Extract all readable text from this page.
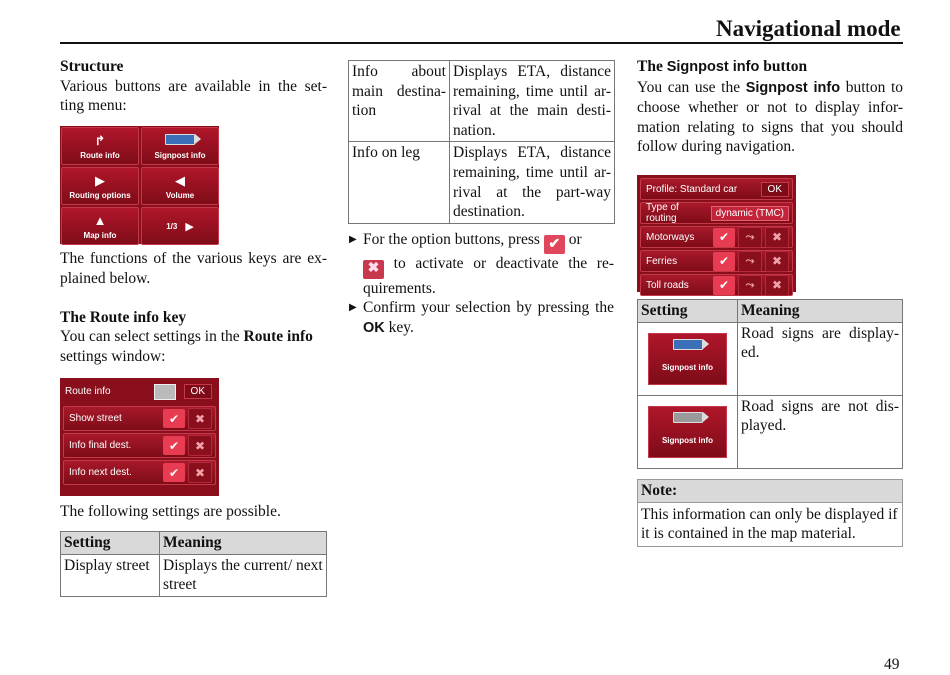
Navigational mode

Structure

Various buttons are available in the set-ting menu:

↱
Route info	Signpost info
▶
Routing options
◀
Volume
▲
Map info
1/3 ▶

The functions of the various keys are ex-plained below.

The Route info key

You can select settings in the Route info settings window:

Route info	OK
Show street	✔	✖
Info final dest.	✔	✖
Info next dest.	✔	✖

The following settings are possible.

Setting	Meaning
Display street	Displays the current/ next street
Info about main destina-tion	Displays ETA, distance remaining, time until ar-rival at the main desti-nation.
Info on leg	Displays ETA, distance remaining, time until ar-rival at the part-way destination.
▶ For the option buttons, press ✔ or
✖ to activate or deactivate the re-quirements.
▶ Confirm your selection by pressing the OK key.

The Signpost info button

You can use the Signpost info button to choose whether or not to display infor-mation relating to signs that you should follow during navigation.

Profile: Standard car	OK
Type of routing	dynamic (TMC)
Motorways	✔	⤳	✖
Ferries	✔	⤳	✖
Toll roads	✔	⤳	✖
Setting	Meaning

Signpost info	Road signs are display-ed.

Signpost info	Road signs are not dis-played.
Note:
This information can only be displayed if it is contained in the map material.
49
